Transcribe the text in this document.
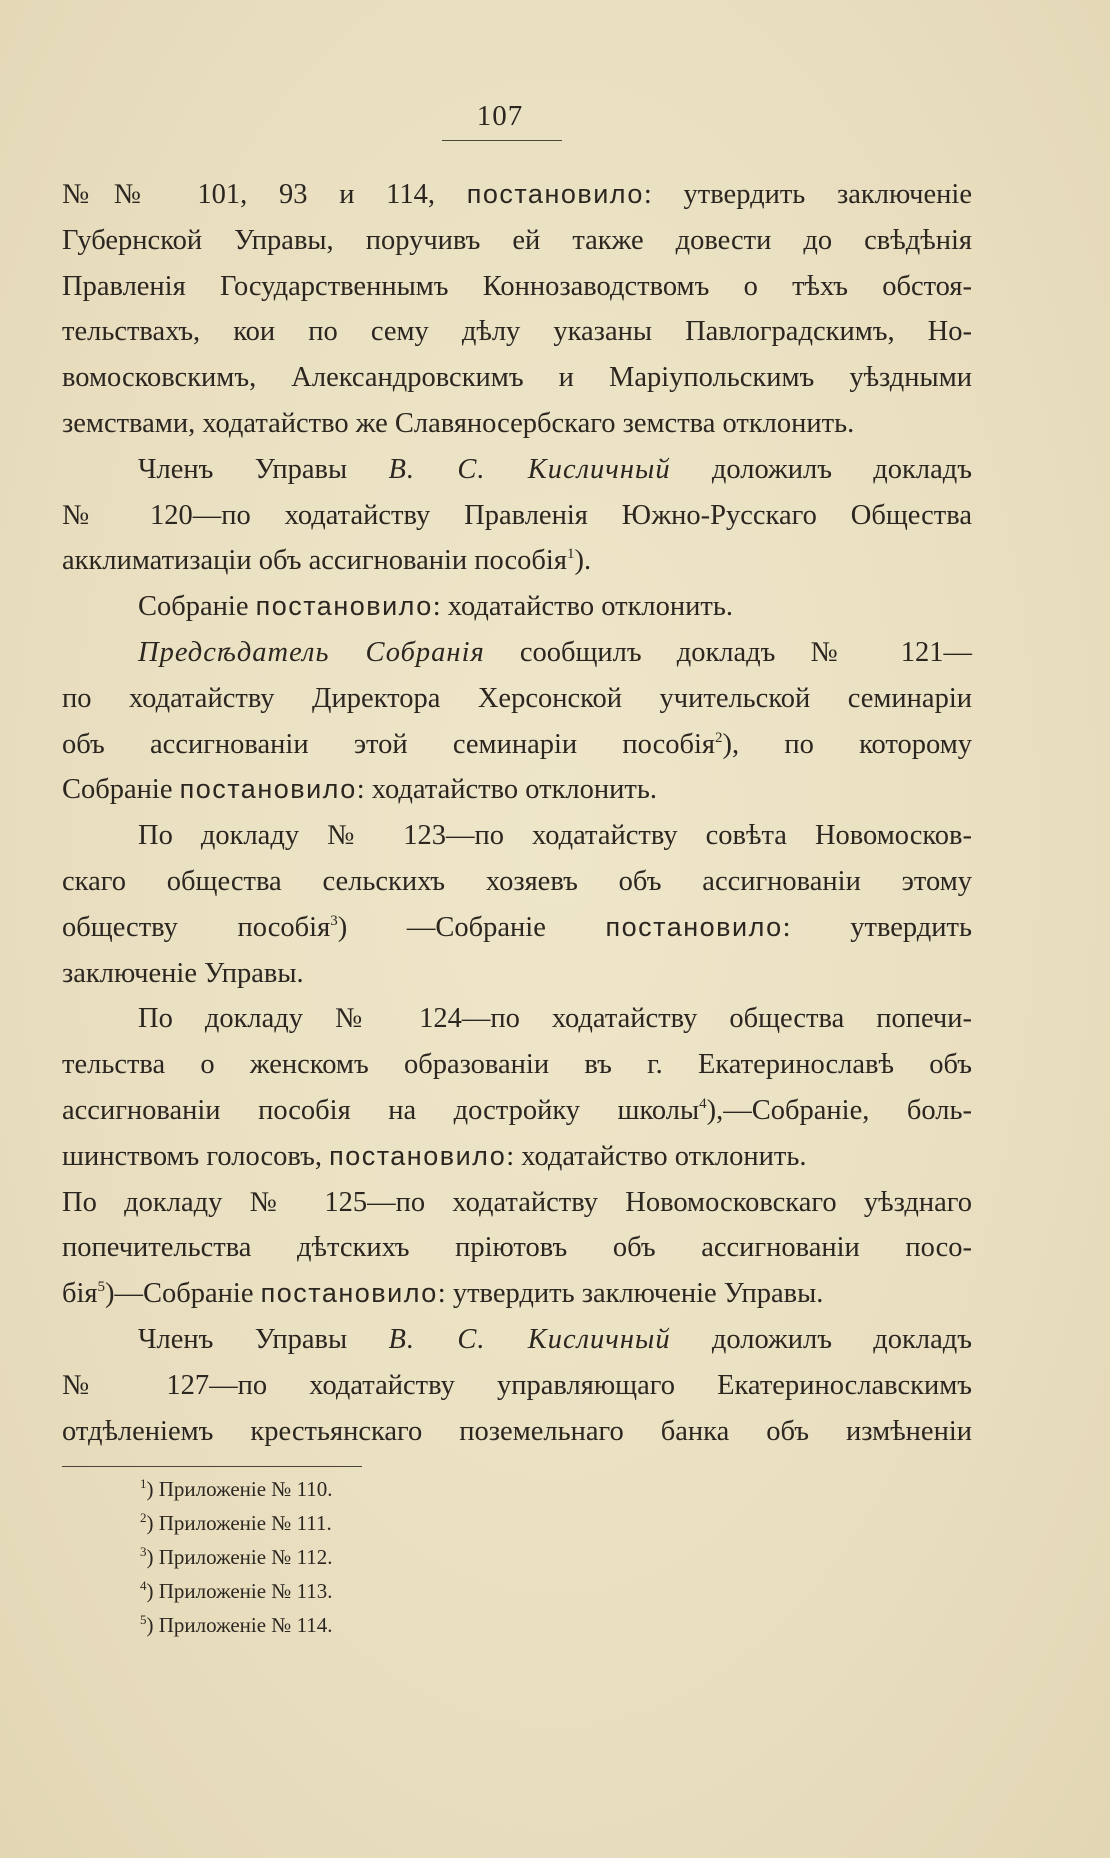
107
№№ 101, 93 и 114, постановило: утвердить заключеніе
Губернской Управы, поручивъ ей также довести до свѣдѣнія
Правленія Государственнымъ Коннозаводствомъ о тѣхъ обстоя-
тельствахъ, кои по сему дѣлу указаны Павлоградскимъ, Но-
вомосковскимъ, Александровскимъ и Маріупольскимъ уѣздными
земствами, ходатайство же Славяносербскаго земства отклонить.
Членъ Управы В. С. Кисличный доложилъ докладъ
№ 120—по ходатайству Правленія Южно-Русскаго Общества
акклиматизаціи объ ассигнованіи пособія$^1$).
Собраніе постановило: ходатайство отклонить.
Предсѣдатель Собранія сообщилъ докладъ № 121—
по ходатайству Директора Херсонской учительской семинаріи
объ ассигнованіи этой семинаріи пособія$^2$), по которому
Собраніе постановило: ходатайство отклонить.
По докладу № 123—по ходатайству совѣта Новомосков-
скаго общества сельскихъ хозяевъ объ ассигнованіи этому
обществу пособія$^3$) —Собраніе постановило: утвердить
заключеніе Управы.
По докладу № 124—по ходатайству общества попечи-
тельства о женскомъ образованіи въ г. Екатеринославѣ объ
ассигнованіи пособія на достройку школы$^4$),—Собраніе, боль-
шинствомъ голосовъ, постановило: ходатайство отклонить.
По докладу № 125—по ходатайству Новомосковскаго уѣзднаго
попечительства дѣтскихъ пріютовъ объ ассигнованіи посо-
бія$^5$)—Собраніе постановило: утвердить заключеніе Управы.
Членъ Управы В. С. Кисличный доложилъ докладъ
№ 127—по ходатайству управляющаго Екатеринославскимъ
отдѣленіемъ крестьянскаго поземельнаго банка объ измѣненіи
$^1$) Приложеніе № 110.
$^2$) Приложеніе № 111.
$^3$) Приложеніе № 112.
$^4$) Приложеніе № 113.
$^5$) Приложеніе № 114.
